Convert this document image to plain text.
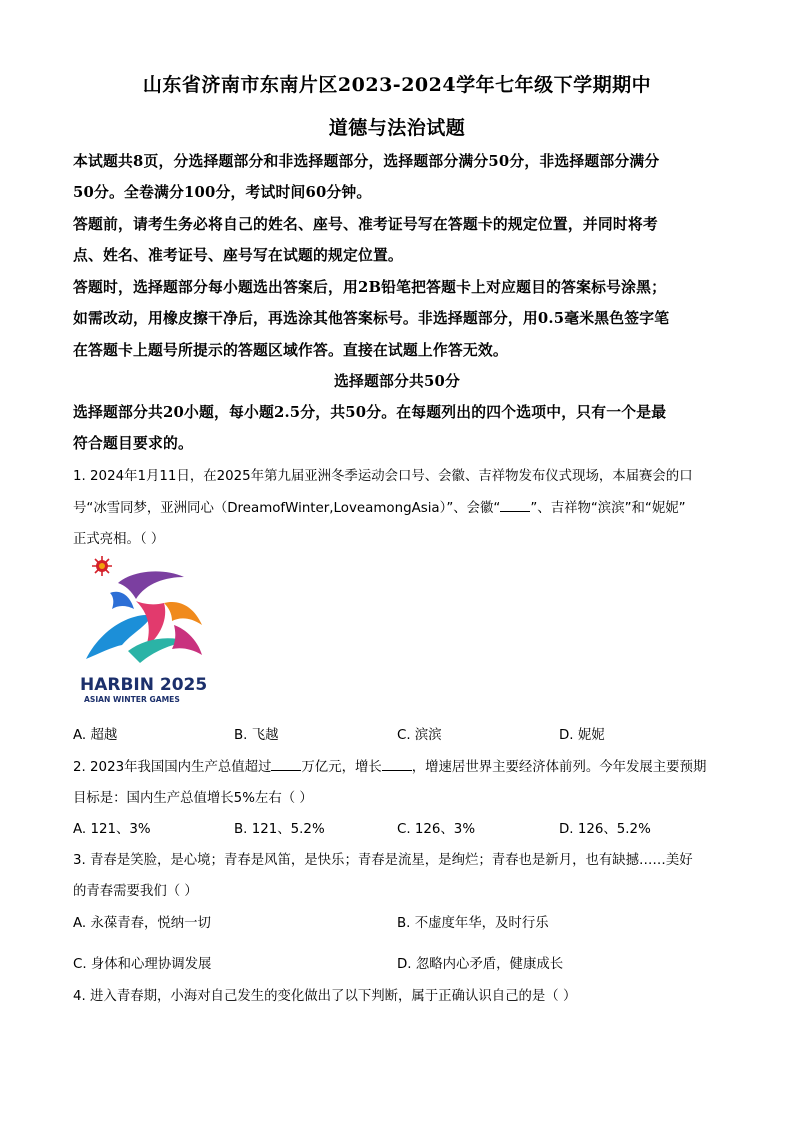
山东省济南市东南片区2023-2024学年七年级下学期期中
道德与法治试题
本试题共8页，分选择题部分和非选择题部分，选择题部分满分50分，非选择题部分满分
50分。全卷满分100分，考试时间60分钟。
答题前，请考生务必将自己的姓名、座号、准考证号写在答题卡的规定位置，并同时将考
点、姓名、准考证号、座号写在试题的规定位置。
答题时，选择题部分每小题选出答案后，用2B铅笔把答题卡上对应题目的答案标号涂黑；
如需改动，用橡皮擦干净后，再选涂其他答案标号。非选择题部分，用0.5毫米黑色签字笔
在答题卡上题号所提示的答题区域作答。直接在试题上作答无效。
选择题部分共50分
选择题部分共20小题，每小题2.5分，共50分。在每题列出的四个选项中，只有一个是最
符合题目要求的。
1. 2024年1月11日，在2025年第九届亚洲冬季运动会口号、会徽、吉祥物发布仪式现场，本届赛会的口
号“冰雪同梦，亚洲同心（DreamofWinter,LoveamongAsia）”、会徽“ ”、吉祥物“滨滨”和“妮妮”
正式亮相。（ ）
HARBIN 2025
ASIAN WINTER GAMES
A. 超越	B. 飞越	C. 滨滨	D. 妮妮
2. 2023年我国国内生产总值超过 万亿元，增长 ，增速居世界主要经济体前列。今年发展主要预期
目标是：国内生产总值增长5%左右（ ）
A. 121、3%	B. 121、5.2%	C. 126、3%	D. 126、5.2%
3. 青春是笑脸，是心境；青春是风笛，是快乐；青春是流星，是绚烂；青春也是新月，也有缺撼……美好
的青春需要我们（ ）
A. 永葆青春，悦纳一切	B. 不虚度年华，及时行乐
C. 身体和心理协调发展	D. 忽略内心矛盾，健康成长
4. 进入青春期，小海对自己发生的变化做出了以下判断，属于正确认识自己的是（ ）
